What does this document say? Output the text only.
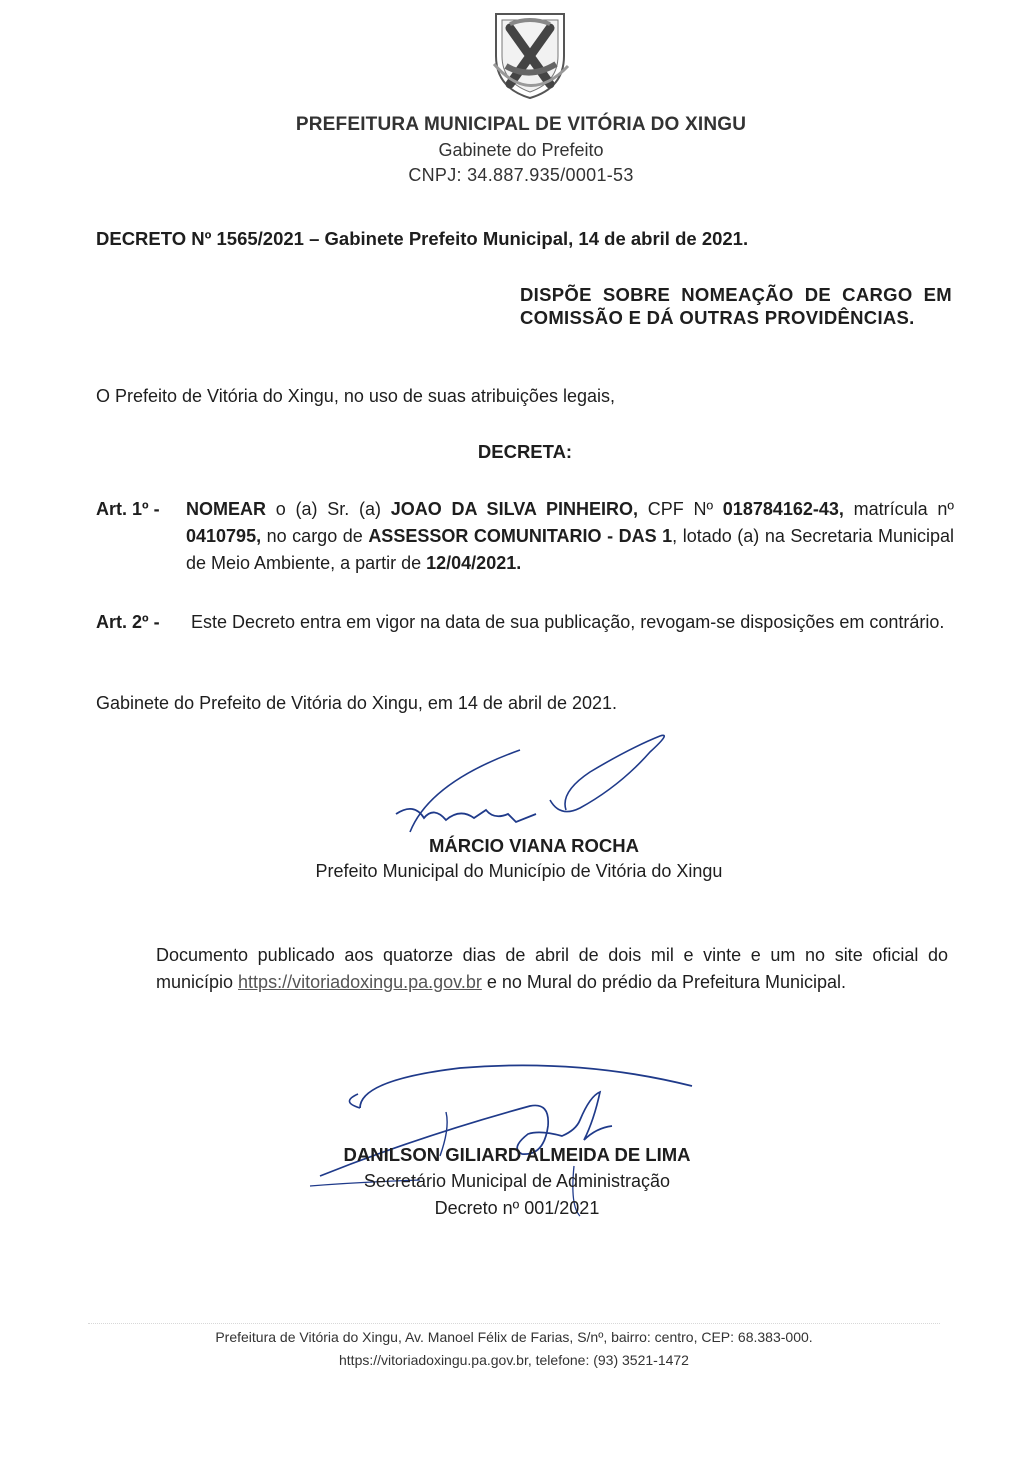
PREFEITURA MUNICIPAL DE VITÓRIA DO XINGU
Gabinete do Prefeito
CNPJ: 34.887.935/0001-53
DECRETO Nº 1565/2021 – Gabinete Prefeito Municipal, 14 de abril de 2021.
DISPÕE SOBRE NOMEAÇÃO DE CARGO EM COMISSÃO E DÁ OUTRAS PROVIDÊNCIAS.
O Prefeito de Vitória do Xingu, no uso de suas atribuições legais,
DECRETA:
Art. 1º - NOMEAR o (a) Sr. (a) JOAO DA SILVA PINHEIRO, CPF Nº 018784162-43, matrícula nº 0410795, no cargo de ASSESSOR COMUNITARIO - DAS 1, lotado (a) na Secretaria Municipal de Meio Ambiente, a partir de 12/04/2021.
Art. 2º - Este Decreto entra em vigor na data de sua publicação, revogam-se disposições em contrário.
Gabinete do Prefeito de Vitória do Xingu, em 14 de abril de 2021.
MÁRCIO VIANA ROCHA
Prefeito Municipal do Município de Vitória do Xingu
Documento publicado aos quatorze dias de abril de dois mil e vinte e um no site oficial do município https://vitoriadoxingu.pa.gov.br e no Mural do prédio da Prefeitura Municipal.
DANILSON GILIARD ALMEIDA DE LIMA
Secretário Municipal de Administração
Decreto nº 001/2021
Prefeitura de Vitória do Xingu, Av. Manoel Félix de Farias, S/nº, bairro: centro, CEP: 68.383-000.
https://vitoriadoxingu.pa.gov.br, telefone: (93) 3521-1472
